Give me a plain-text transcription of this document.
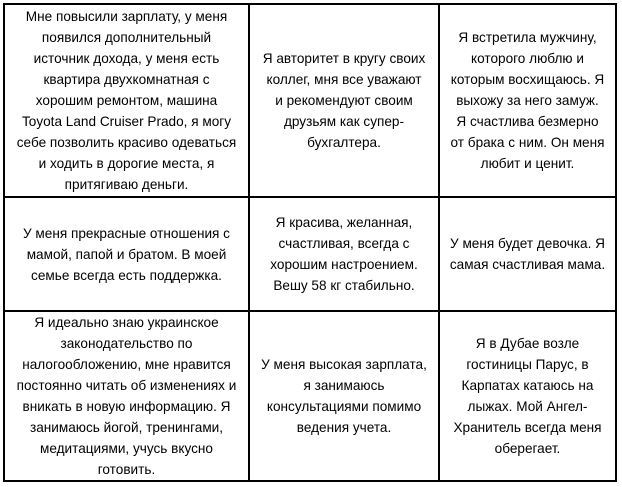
Мне повысили зарплату, у меня появился дополнительный источник дохода, у меня есть квартира двухкомнатная с хорошим ремонтом, машина Toyota Land Cruiser Prado, я могу себе позволить красиво одеваться и ходить в дорогие места, я притягиваю деньги.	Я авторитет в кругу своих коллег, мня все уважают и рекомендуют своим друзьям как супер-бухгалтера.	Я встретила мужчину, которого люблю и которым восхищаюсь. Я выхожу за него замуж. Я счастлива безмерно от брака с ним. Он меня любит и ценит.
У меня прекрасные отношения с мамой, папой и братом. В моей семье всегда есть поддержка.	Я красива, желанная, счастливая, всегда с хорошим настроением. Вешу 58 кг стабильно.	У меня будет девочка. Я самая счастливая мама.
Я идеально знаю украинское законодательство по налогообложению, мне нравится постоянно читать об изменениях и вникать в новую информацию. Я занимаюсь йогой, тренингами, медитациями, учусь вкусно готовить.	У меня высокая зарплата, я занимаюсь консультациями помимо ведения учета.	Я в Дубае возле гостиницы Парус, в Карпатах катаюсь на лыжах. Мой Ангел-Хранитель всегда меня оберегает.
